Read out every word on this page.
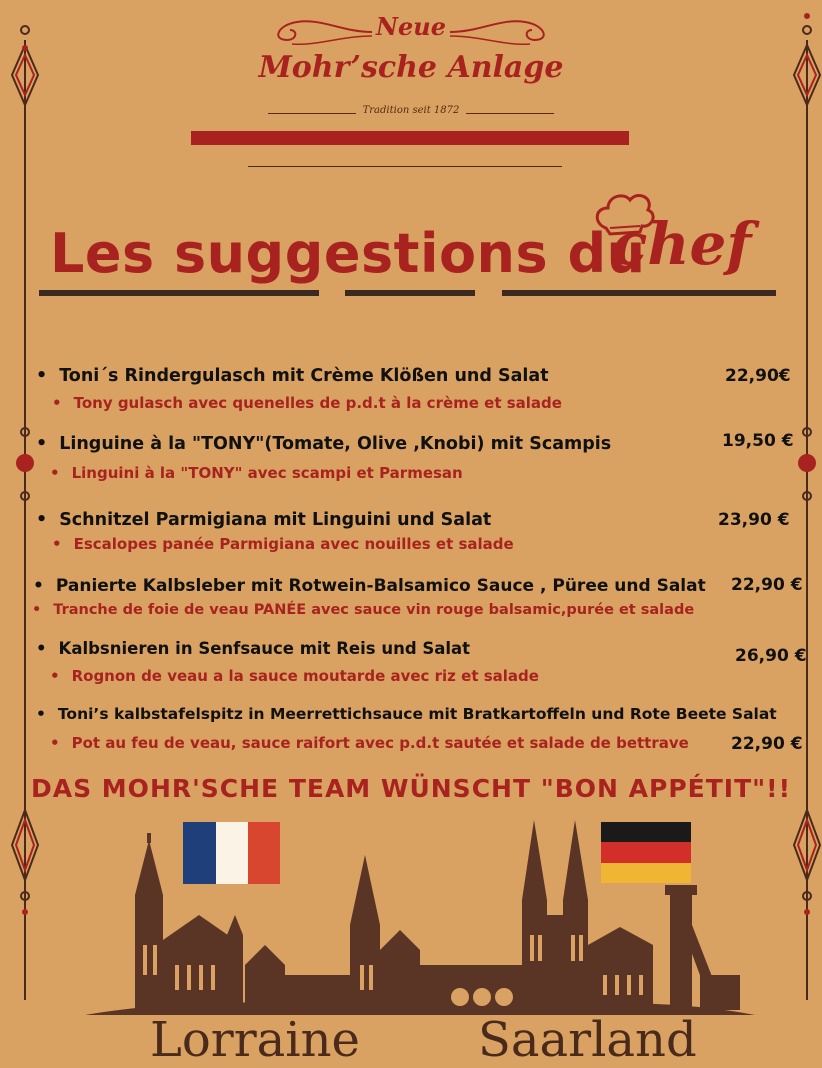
Neue
Mohr’sche Anlage
Tradition seit 1872
Les suggestions du
chef
• Toni´s Rindergulasch mit Crème Klößen und Salat	22,90€
• Tony gulasch avec quenelles de p.d.t à la crème et salade
• Linguine à la "TONY"(Tomate, Olive ,Knobi) mit Scampis	19,50 €
• Linguini à la "TONY" avec scampi et Parmesan
• Schnitzel Parmigiana mit Linguini und Salat	23,90 €
• Escalopes panée Parmigiana avec nouilles et salade
• Panierte Kalbsleber mit Rotwein-Balsamico Sauce , Püree und Salat 22,90 €
• Tranche de foie de veau PANÉE avec sauce vin rouge balsamic,purée et salade
• Kalbsnieren in Senfsauce mit Reis und Salat	26,90 €
• Rognon de veau a la sauce moutarde avec riz et salade
• Toni’s kalbstafelspitz in Meerrettichsauce mit Bratkartoffeln und Rote Beete Salat
• Pot au feu de veau, sauce raifort avec p.d.t sautée et salade de bettrave 22,90 €
DAS MOHR'SCHE TEAM WÜNSCHT "BON APPÉTIT"!!
Lorraine Saarland
